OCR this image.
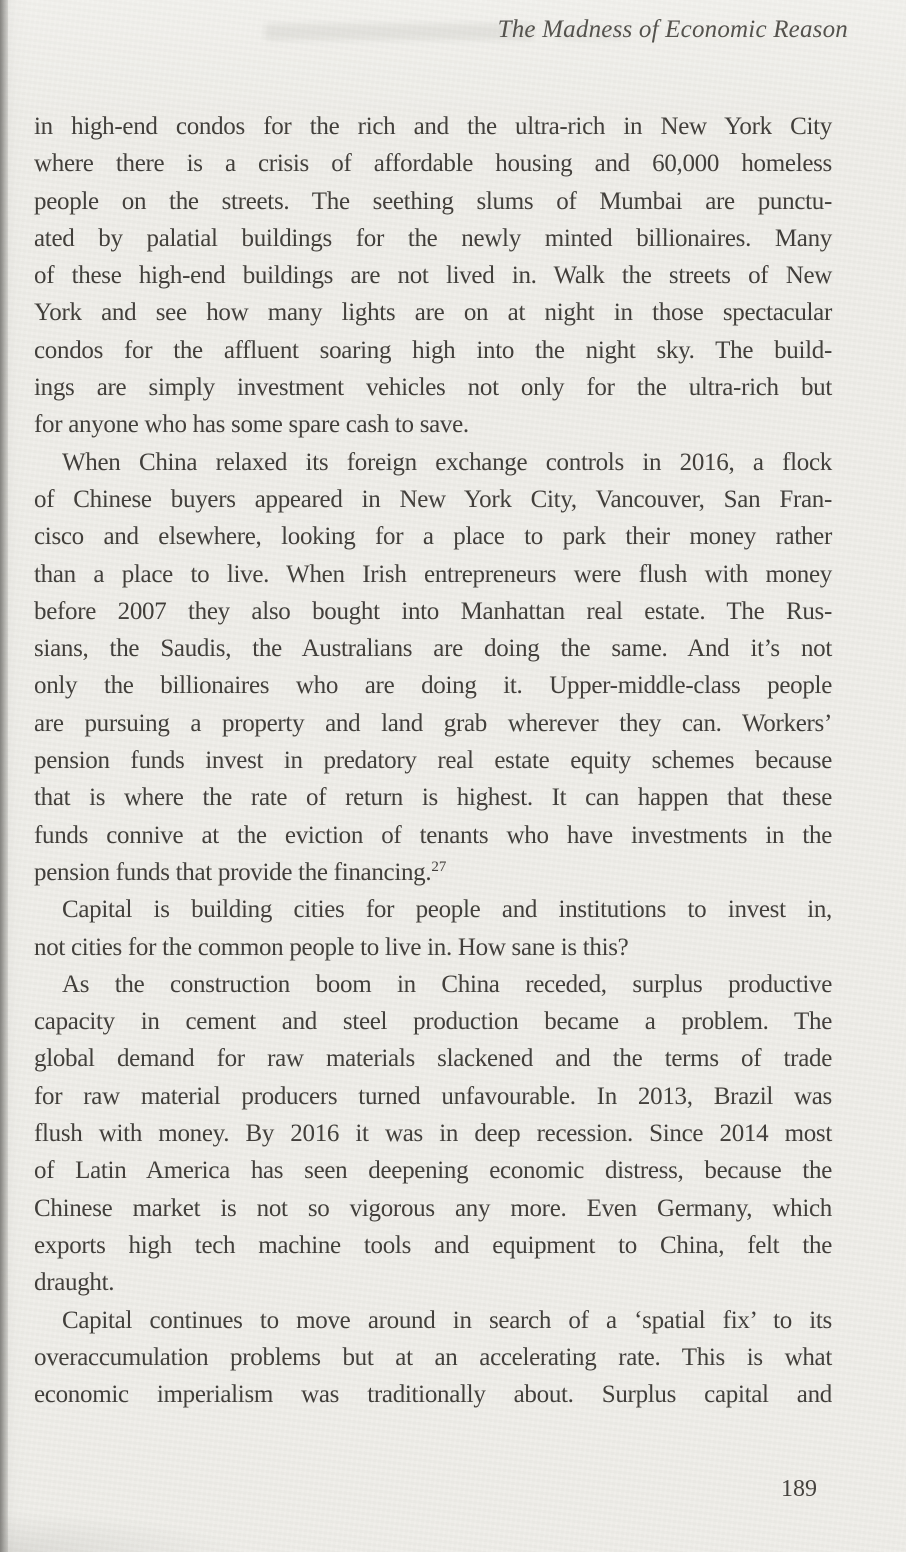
The Madness of Economic Reason
in high-end condos for the rich and the ultra-rich in New York City
where there is a crisis of affordable housing and 60,000 homeless
people on the streets. The seething slums of Mumbai are punctu-
ated by palatial buildings for the newly minted billionaires. Many
of these high-end buildings are not lived in. Walk the streets of New
York and see how many lights are on at night in those spectacular
condos for the affluent soaring high into the night sky. The build-
ings are simply investment vehicles not only for the ultra-rich but
for anyone who has some spare cash to save.
When China relaxed its foreign exchange controls in 2016, a flock
of Chinese buyers appeared in New York City, Vancouver, San Fran-
cisco and elsewhere, looking for a place to park their money rather
than a place to live. When Irish entrepreneurs were flush with money
before 2007 they also bought into Manhattan real estate. The Rus-
sians, the Saudis, the Australians are doing the same. And it’s not
only the billionaires who are doing it. Upper-middle-class people
are pursuing a property and land grab wherever they can. Workers’
pension funds invest in predatory real estate equity schemes because
that is where the rate of return is highest. It can happen that these
funds connive at the eviction of tenants who have investments in the
pension funds that provide the financing.$^{27}$
Capital is building cities for people and institutions to invest in,
not cities for the common people to live in. How sane is this?
As the construction boom in China receded, surplus productive
capacity in cement and steel production became a problem. The
global demand for raw materials slackened and the terms of trade
for raw material producers turned unfavourable. In 2013, Brazil was
flush with money. By 2016 it was in deep recession. Since 2014 most
of Latin America has seen deepening economic distress, because the
Chinese market is not so vigorous any more. Even Germany, which
exports high tech machine tools and equipment to China, felt the
draught.
Capital continues to move around in search of a ‘spatial fix’ to its
overaccumulation problems but at an accelerating rate. This is what
economic imperialism was traditionally about. Surplus capital and
189
